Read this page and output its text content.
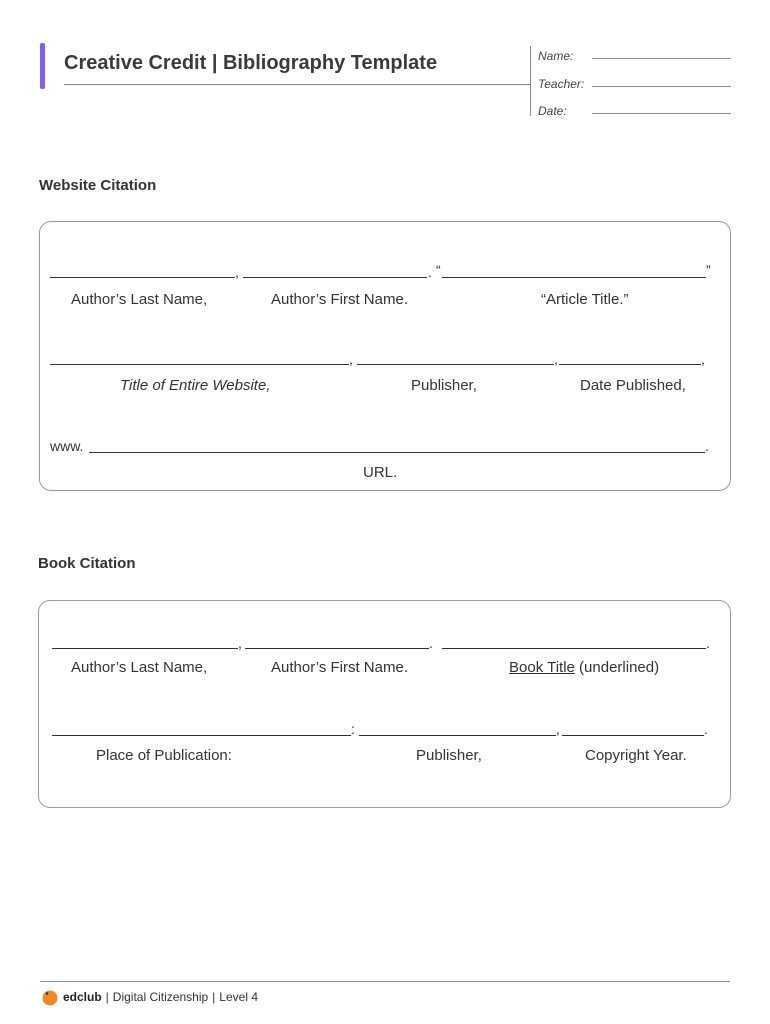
Creative Credit | Bibliography Template	Name:
Teacher:
Date:
Website Citation
,	. “	”
Author’s Last Name,	Author’s First Name.	“Article Title.”
,	,	,
Title of Entire Website,	Publisher,	Date Published,
www.	.
URL.
Book Citation
,	.	.
Author’s Last Name,	Author’s First Name.	Book Title (underlined)
:	,	.
Place of Publication:	Publisher,	Copyright Year.
edclub | Digital Citizenship | Level 4
